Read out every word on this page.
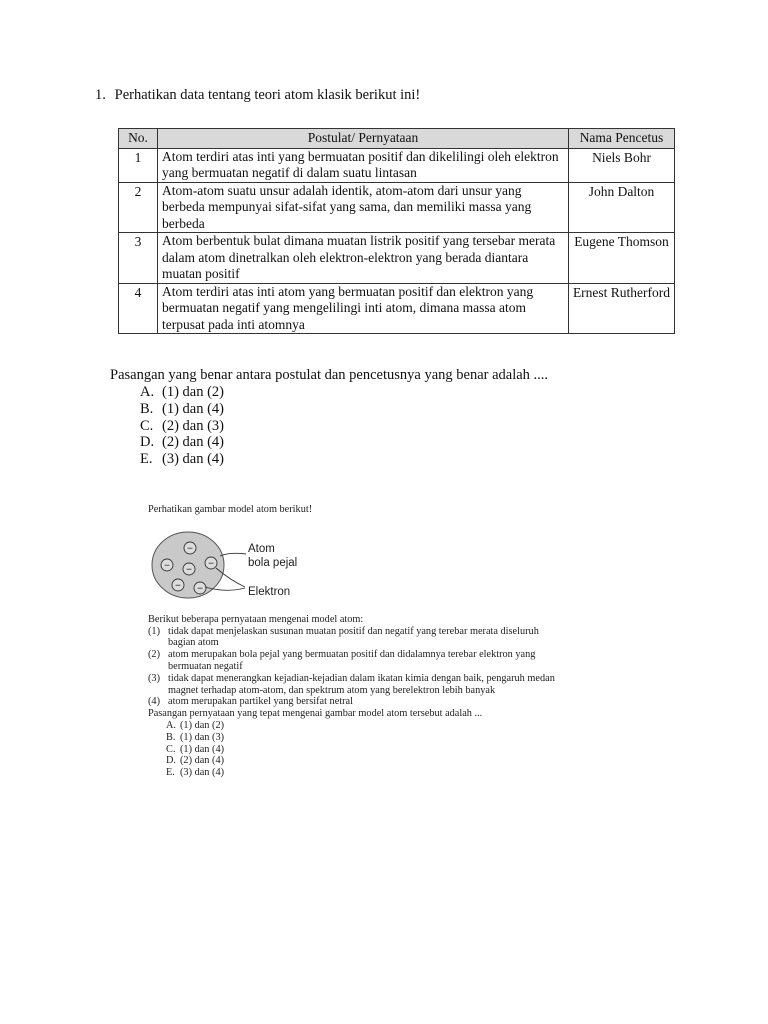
1. Perhatikan data tentang teori atom klasik berikut ini!
No.	Postulat/ Pernyataan	Nama Pencetus
1	Atom terdiri atas inti yang bermuatan positif dan dikelilingi oleh elektron yang bermuatan negatif di dalam suatu lintasan	Niels Bohr
2	Atom-atom suatu unsur adalah identik, atom-atom dari unsur yang berbeda mempunyai sifat-sifat yang sama, dan memiliki massa yang berbeda	John Dalton
3	Atom berbentuk bulat dimana muatan listrik positif yang tersebar merata dalam atom dinetralkan oleh elektron-elektron yang berada diantara muatan positif	Eugene Thomson
4	Atom terdiri atas inti atom yang bermuatan positif dan elektron yang bermuatan negatif yang mengelilingi inti atom, dimana massa atom terpusat pada inti atomnya	Ernest Rutherford
Pasangan yang benar antara postulat dan pencetusnya yang benar adalah ....
A. (1) dan (2)
B. (1) dan (4)
C. (2) dan (3)
D. (2) dan (4)
E. (3) dan (4)

Perhatikan gambar model atom berikut!

−
− −
−
− −
Atom
bola pejal
Elektron

Berikut beberapa pernyataan mengenai model atom:

(1) tidak dapat menjelaskan susunan muatan positif dan negatif yang terebar merata diseluruh bagian atom
(2) atom merupakan bola pejal yang bermuatan positif dan didalamnya terebar elektron yang bermuatan negatif
(3) tidak dapat menerangkan kejadian-kejadian dalam ikatan kimia dengan baik, pengaruh medan magnet terhadap atom-atom, dan spektrum atom yang berelektron lebih banyak
(4) atom merupakan partikel yang bersifat netral

Pasangan pernyataan yang tepat mengenai gambar model atom tersebut adalah ...

A. (1) dan (2)
B. (1) dan (3)
C. (1) dan (4)
D. (2) dan (4)
E. (3) dan (4)
